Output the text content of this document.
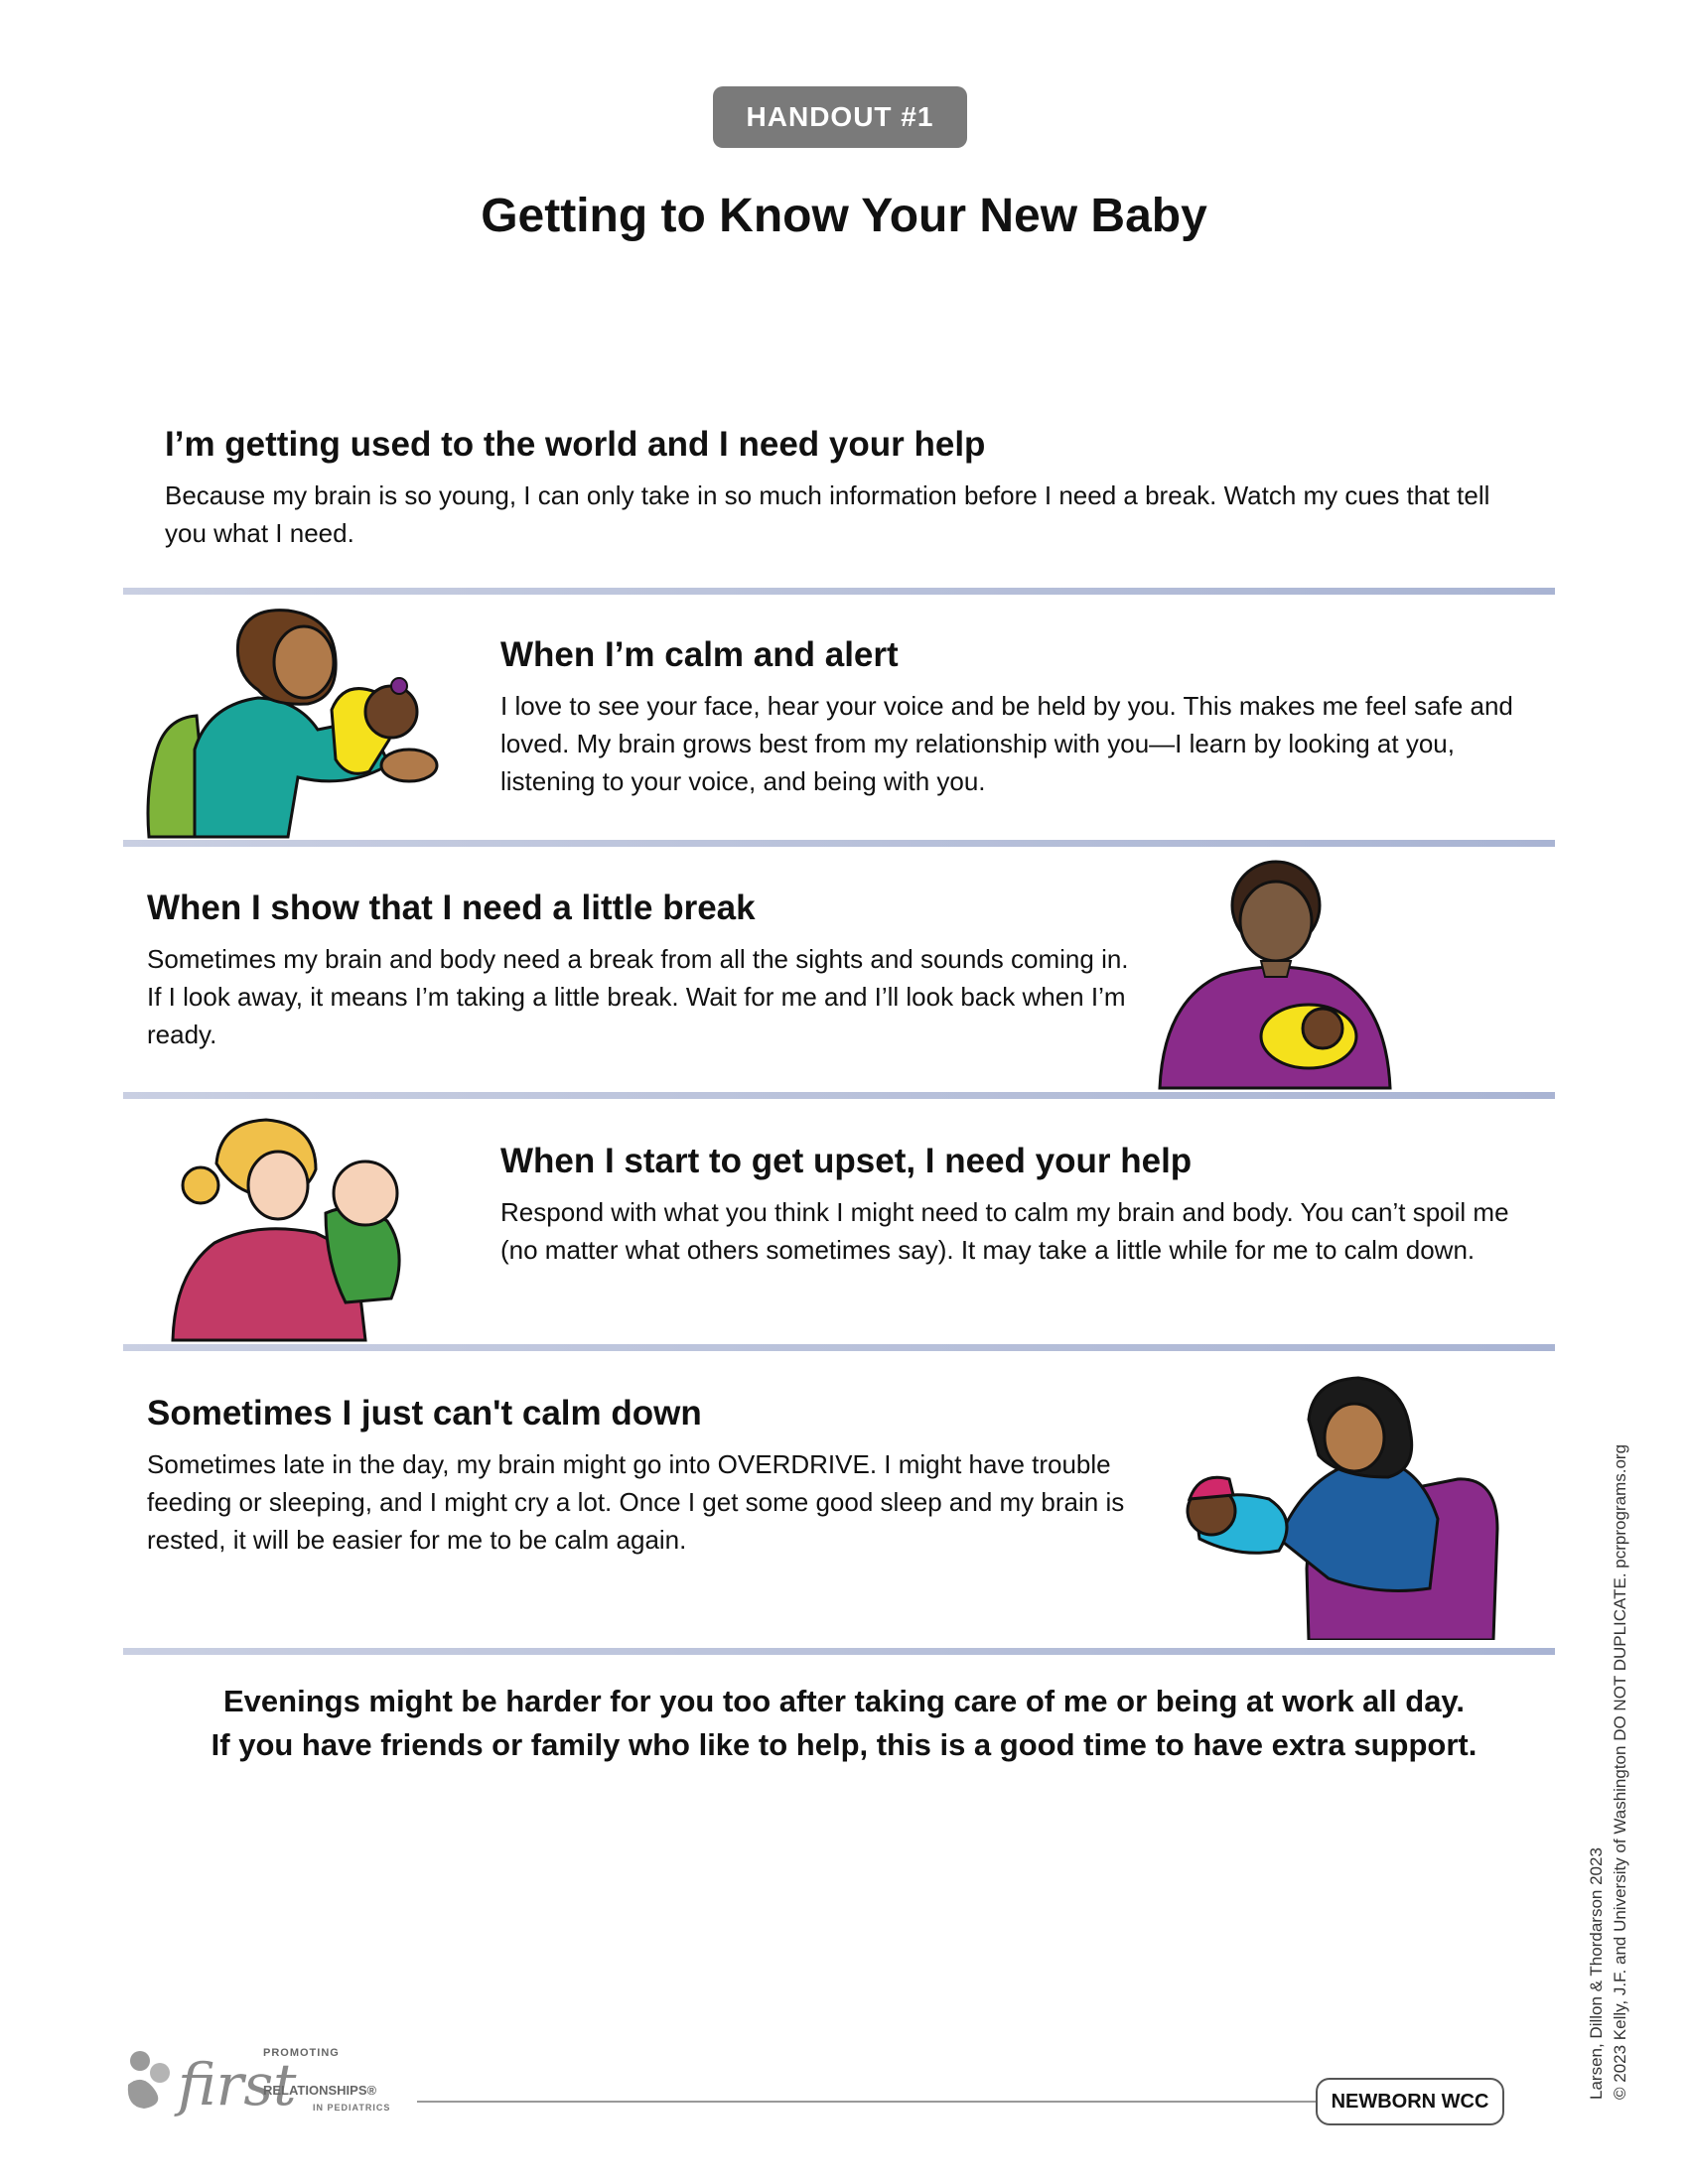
HANDOUT #1
Getting to Know Your New Baby
I’m getting used to the world and I need your help

Because my brain is so young, I can only take in so much information before I need a break. Watch my cues that tell you what I need.

When I’m calm and alert

I love to see your face, hear your voice and be held by you. This makes me feel safe and loved. My brain grows best from my relationship with you—I learn by looking at you, listening to your voice, and being with you.

When I show that I need a little break

Sometimes my brain and body need a break from all the sights and sounds coming in. If I look away, it means I’m taking a little break. Wait for me and I’ll look back when I’m ready.

When I start to get upset, I need your help

Respond with what you think I might need to calm my brain and body. You can’t spoil me (no matter what others sometimes say). It may take a little while for me to calm down.

Sometimes I just can't calm down

Sometimes late in the day, my brain might go into OVERDRIVE. I might have trouble feeding or sleeping, and I might cry a lot. Once I get some good sleep and my brain is rested, it will be easier for me to be calm again.

Evenings might be harder for you too after taking care of me or being at work all day.
If you have friends or family who like to help, this is a good time to have extra support.
PROMOTING
first
RELATIONSHIPS®
IN PEDIATRICS	NEWBORN WCC
Larsen, Dillon & Thordarson 2023 © 2023 Kelly, J.F. and University of Washington DO NOT DUPLICATE. pcrprograms.org
